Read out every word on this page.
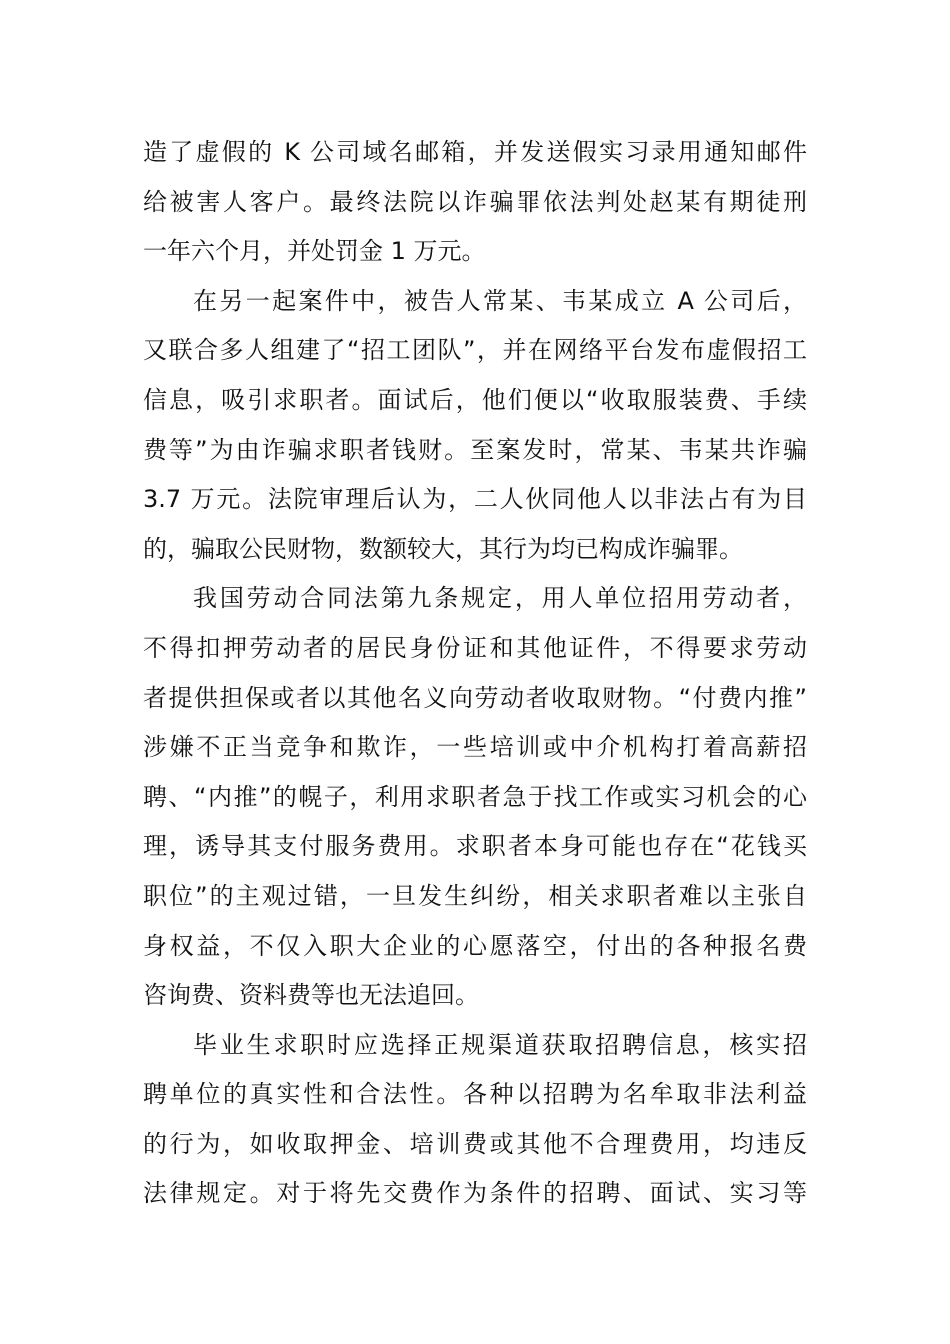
造了虚假的 K 公司域名邮箱，并发送假实习录用通知邮件
给被害人客户。最终法院以诈骗罪依法判处赵某有期徒刑
一年六个月，并处罚金 1 万元。
在另一起案件中，被告人常某、韦某成立 A 公司后，
又联合多人组建了“招工团队”，并在网络平台发布虚假招工
信息，吸引求职者。面试后，他们便以“收取服装费、手续
费等”为由诈骗求职者钱财。至案发时，常某、韦某共诈骗
3.7 万元。法院审理后认为，二人伙同他人以非法占有为目
的，骗取公民财物，数额较大，其行为均已构成诈骗罪。
我国劳动合同法第九条规定，用人单位招用劳动者，
不得扣押劳动者的居民身份证和其他证件，不得要求劳动
者提供担保或者以其他名义向劳动者收取财物。“付费内推”
涉嫌不正当竞争和欺诈，一些培训或中介机构打着高薪招
聘、“内推”的幌子，利用求职者急于找工作或实习机会的心
理，诱导其支付服务费用。求职者本身可能也存在“花钱买
职位”的主观过错，一旦发生纠纷，相关求职者难以主张自
身权益，不仅入职大企业的心愿落空，付出的各种报名费
咨询费、资料费等也无法追回。
毕业生求职时应选择正规渠道获取招聘信息，核实招
聘单位的真实性和合法性。各种以招聘为名牟取非法利益
的行为，如收取押金、培训费或其他不合理费用，均违反
法律规定。对于将先交费作为条件的招聘、面试、实习等
